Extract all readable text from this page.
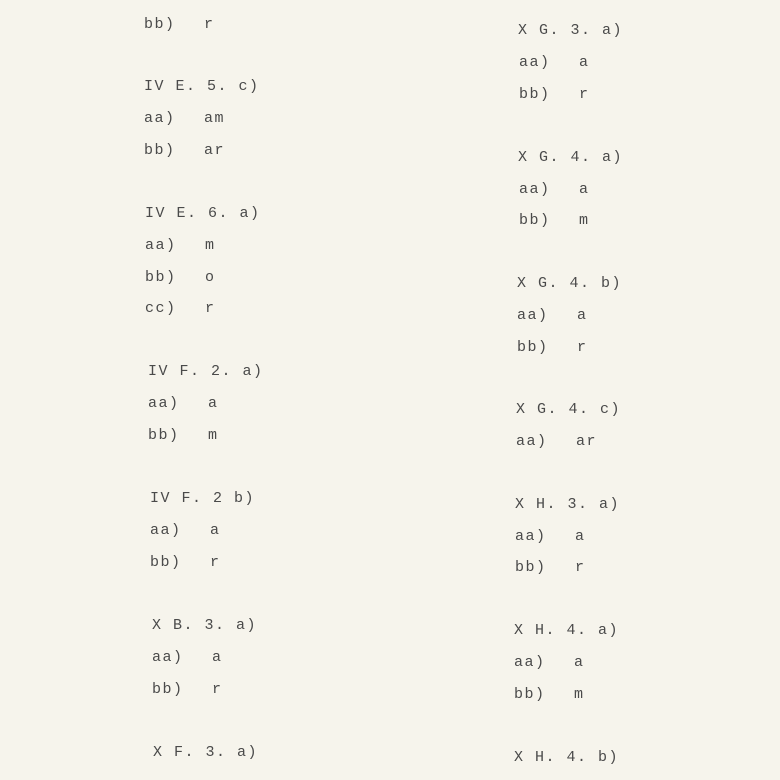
bb) r
IV E. 5. c)
aa) am
bb) ar
IV E. 6. a)
aa) m
bb) o
cc) r
IV F. 2. a)
aa) a
bb) m
IV F. 2 b)
aa) a
bb) r
X B. 3. a)
aa) a
bb) r
X F. 3. a)
X G. 3. a)
aa) a
bb) r
X G. 4. a)
aa) a
bb) m
X G. 4. b)
aa) a
bb) r
X G. 4. c)
aa) ar
X H. 3. a)
aa) a
bb) r
X H. 4. a)
aa) a
bb) m
X H. 4. b)
